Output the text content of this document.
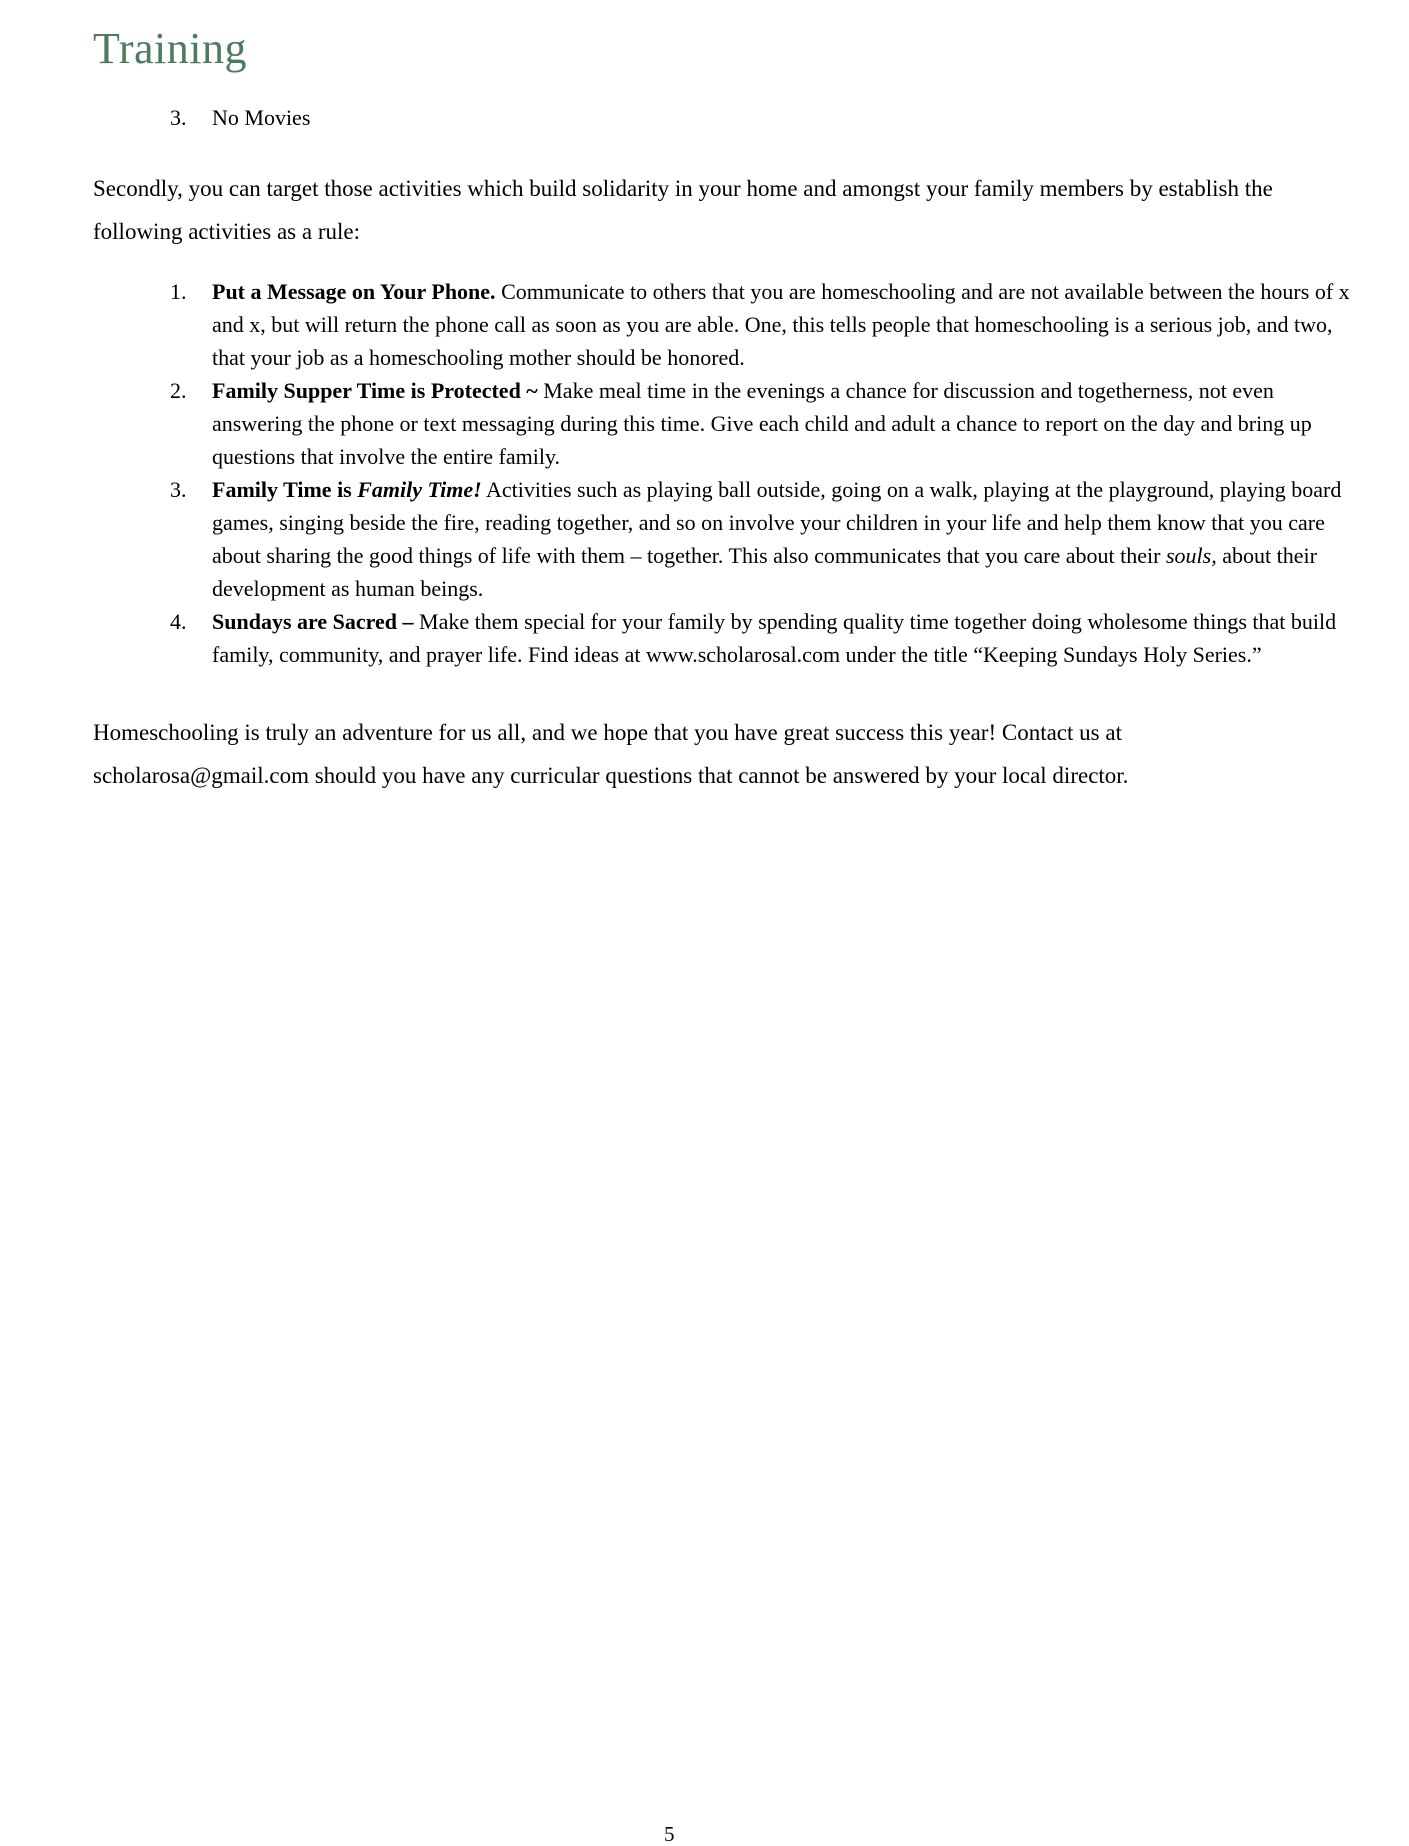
Training
3.	No Movies

Secondly, you can target those activities which build solidarity in your home and amongst your family members by establish the following activities as a rule:

1.	Put a Message on Your Phone. Communicate to others that you are homeschooling and are not available between the hours of x and x, but will return the phone call as soon as you are able. One, this tells people that homeschooling is a serious job, and two, that your job as a homeschooling mother should be honored.
2.	Family Supper Time is Protected ~ Make meal time in the evenings a chance for discussion and togetherness, not even answering the phone or text messaging during this time. Give each child and adult a chance to report on the day and bring up questions that involve the entire family.
3.	Family Time is Family Time! Activities such as playing ball outside, going on a walk, playing at the playground, playing board games, singing beside the fire, reading together, and so on involve your children in your life and help them know that you care about sharing the good things of life with them – together. This also communicates that you care about their souls, about their development as human beings.
4.	Sundays are Sacred – Make them special for your family by spending quality time together doing wholesome things that build family, community, and prayer life. Find ideas at www.scholarosal.com under the title “Keeping Sundays Holy Series.”

Homeschooling is truly an adventure for us all, and we hope that you have great success this year! Contact us at scholarosa@gmail.com should you have any curricular questions that cannot be answered by your local director.

5
